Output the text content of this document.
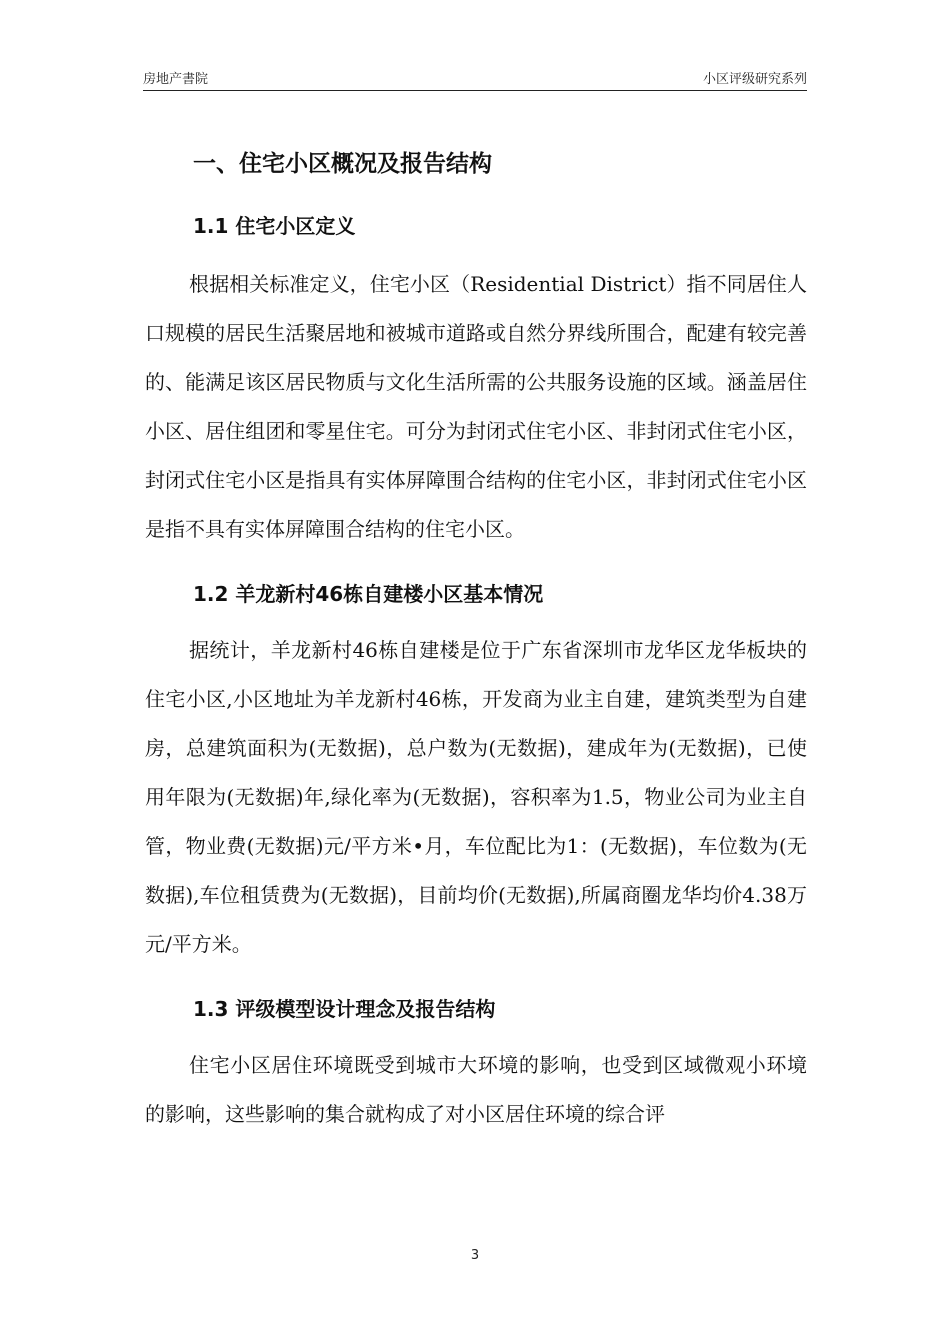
房地产書院	小区评级研究系列
一、住宅小区概况及报告结构
1.1 住宅小区定义

根据相关标准定义，住宅小区（Residential District）指不同居住人口规模的居民生活聚居地和被城市道路或自然分界线所围合，配建有较完善的、能满足该区居民物质与文化生活所需的公共服务设施的区域。涵盖居住小区、居住组团和零星住宅。可分为封闭式住宅小区、非封闭式住宅小区，封闭式住宅小区是指具有实体屏障围合结构的住宅小区，非封闭式住宅小区是指不具有实体屏障围合结构的住宅小区。

1.2 羊龙新村46栋自建楼小区基本情况

据统计，羊龙新村46栋自建楼是位于广东省深圳市龙华区龙华板块的住宅小区,小区地址为羊龙新村46栋，开发商为业主自建，建筑类型为自建房，总建筑面积为(无数据)，总户数为(无数据)，建成年为(无数据)，已使用年限为(无数据)年,绿化率为(无数据)，容积率为1.5，物业公司为业主自管，物业费(无数据)元/平方米•月，车位配比为1：(无数据)，车位数为(无数据),车位租赁费为(无数据)，目前均价(无数据),所属商圈龙华均价4.38万元/平方米。

1.3 评级模型设计理念及报告结构

住宅小区居住环境既受到城市大环境的影响，也受到区域微观小环境的影响，这些影响的集合就构成了对小区居住环境的综合评

3
